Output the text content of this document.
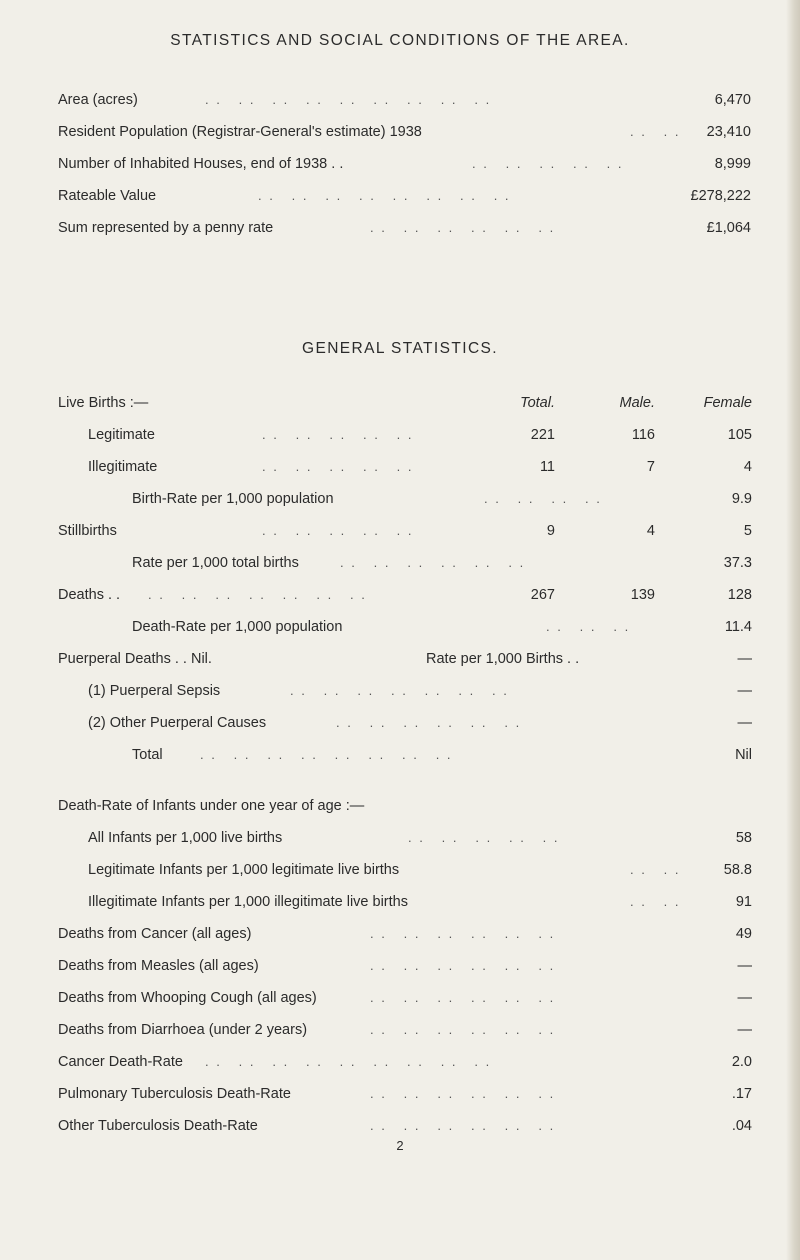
STATISTICS AND SOCIAL CONDITIONS OF THE AREA.
Area (acres)	. .   . .   . .   . .   . .   . .   . .   . .   . .	6,470
Resident Population (Registrar-General's estimate) 1938	. .   . . 23,410
Number of Inhabited Houses, end of 1938 . .	. .   . .   . .   . .   . .	8,999
Rateable Value	. .   . .   . .   . .   . .   . .   . .   . .	£278,222
Sum represented by a penny rate	. .   . .   . .   . .   . .   . .	£1,064
GENERAL STATISTICS.
Live Births :—	Total.	Male.	Female
Legitimate	. .   . .   . .   . .   . .	221	116	105
Illegitimate	. .   . .   . .   . .   . .	11	7	4
Birth-Rate per 1,000 population	. .   . .   . .   . .	9.9
Stillbirths	. .   . .   . .   . .   . .	9	4	5
Rate per 1,000 total births	. .   . .   . .   . .   . .   . .	37.3
Deaths . . . .   . .   . .   . .   . .   . .   . .	267	139	128
Death-Rate per 1,000 population	. .   . .   . .	11.4
Puerperal Deaths . . Nil.	Rate per 1,000 Births . .	—
(1) Puerperal Sepsis	. .   . .   . .   . .   . .   . .   . .	—
(2) Other Puerperal Causes	. .   . .   . .   . .   . .   . .	—
Total	. .   . .   . .   . .   . .   . .   . .   . .	Nil
Death-Rate of Infants under one year of age :—
All Infants per 1,000 live births	. .   . .   . .   . .   . .	58
Legitimate Infants per 1,000 legitimate live births	. .   . .	58.8
Illegitimate Infants per 1,000 illegitimate live births	. .   . .	91
Deaths from Cancer (all ages)	. .   . .   . .   . .   . .   . .	49
Deaths from Measles (all ages)	. .   . .   . .   . .   . .   . .	—
Deaths from Whooping Cough (all ages)	. .   . .   . .   . .   . .   . .	—
Deaths from Diarrhoea (under 2 years)	. .   . .   . .   . .   . .   . .	—
Cancer Death-Rate . .   . .   . .   . .   . .   . .   . .   . .   . .	2.0
Pulmonary Tuberculosis Death-Rate	. .   . .   . .   . .   . .   . .	.17
Other Tuberculosis Death-Rate	. .   . .   . .   . .   . .   . .	.04
2
